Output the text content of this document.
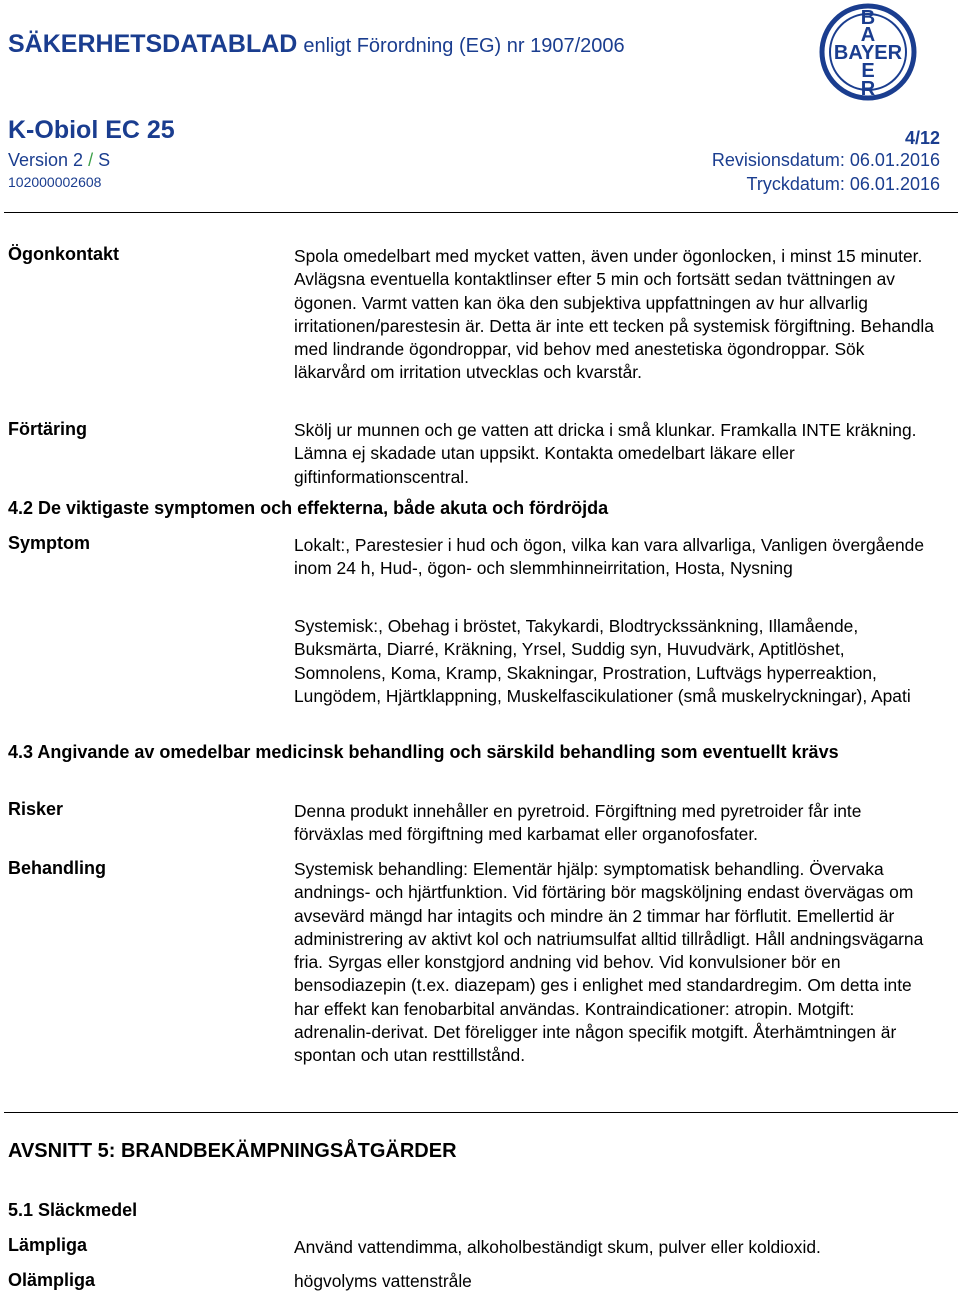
SÄKERHETSDATABLAD enligt Förordning (EG) nr 1907/2006
B
A
BAYER
E
R
K-Obiol EC 25	4/12
Version 2 / S	Revisionsdatum: 06.01.2016
102000002608	Tryckdatum: 06.01.2016
Ögonkontakt	Spola omedelbart med mycket vatten, även under ögonlocken, i minst 15 minuter. Avlägsna eventuella kontaktlinser efter 5 min och fortsätt sedan tvättningen av ögonen. Varmt vatten kan öka den subjektiva uppfattningen av hur allvarlig irritationen/parestesin är. Detta är inte ett tecken på systemisk förgiftning. Behandla med lindrande ögondroppar, vid behov med anestetiska ögondroppar. Sök läkarvård om irritation utvecklas och kvarstår.

Förtäring	Skölj ur munnen och ge vatten att dricka i små klunkar. Framkalla INTE kräkning. Lämna ej skadade utan uppsikt. Kontakta omedelbart läkare eller giftinformationscentral.

4.2 De viktigaste symptomen och effekterna, både akuta och fördröjda
Symptom	Lokalt:, Parestesier i hud och ögon, vilka kan vara allvarliga, Vanligen övergående inom 24 h, Hud-, ögon- och slemmhinneirritation, Hosta, Nysning

Systemisk:, Obehag i bröstet, Takykardi, Blodtryckssänkning, Illamående, Buksmärta, Diarré, Kräkning, Yrsel, Suddig syn, Huvudvärk, Aptitlöshet, Somnolens, Koma, Kramp, Skakningar, Prostration, Luftvägs hyperreaktion, Lungödem, Hjärtklappning, Muskelfascikulationer (små muskelryckningar), Apati

4.3 Angivande av omedelbar medicinsk behandling och särskild behandling som eventuellt krävs
Risker	Denna produkt innehåller en pyretroid. Förgiftning med pyretroider får inte förväxlas med förgiftning med karbamat eller organofosfater.

Behandling	Systemisk behandling: Elementär hjälp: symptomatisk behandling. Övervaka andnings- och hjärtfunktion. Vid förtäring bör magsköljning endast övervägas om avsevärd mängd har intagits och mindre än 2 timmar har förflutit. Emellertid är administrering av aktivt kol och natriumsulfat alltid tillrådligt. Håll andningsvägarna fria. Syrgas eller konstgjord andning vid behov. Vid konvulsioner bör en bensodiazepin (t.ex. diazepam) ges i enlighet med standardregim. Om detta inte har effekt kan fenobarbital användas. Kontraindicationer: atropin. Motgift: adrenalin-derivat. Det föreligger inte någon specifik motgift. Återhämtningen är spontan och utan resttillstånd.

AVSNITT 5: BRANDBEKÄMPNINGSÅTGÄRDER
5.1 Släckmedel
Lämpliga	Använd vattendimma, alkoholbeständigt skum, pulver eller koldioxid.

Olämpliga	högvolyms vattenstråle
